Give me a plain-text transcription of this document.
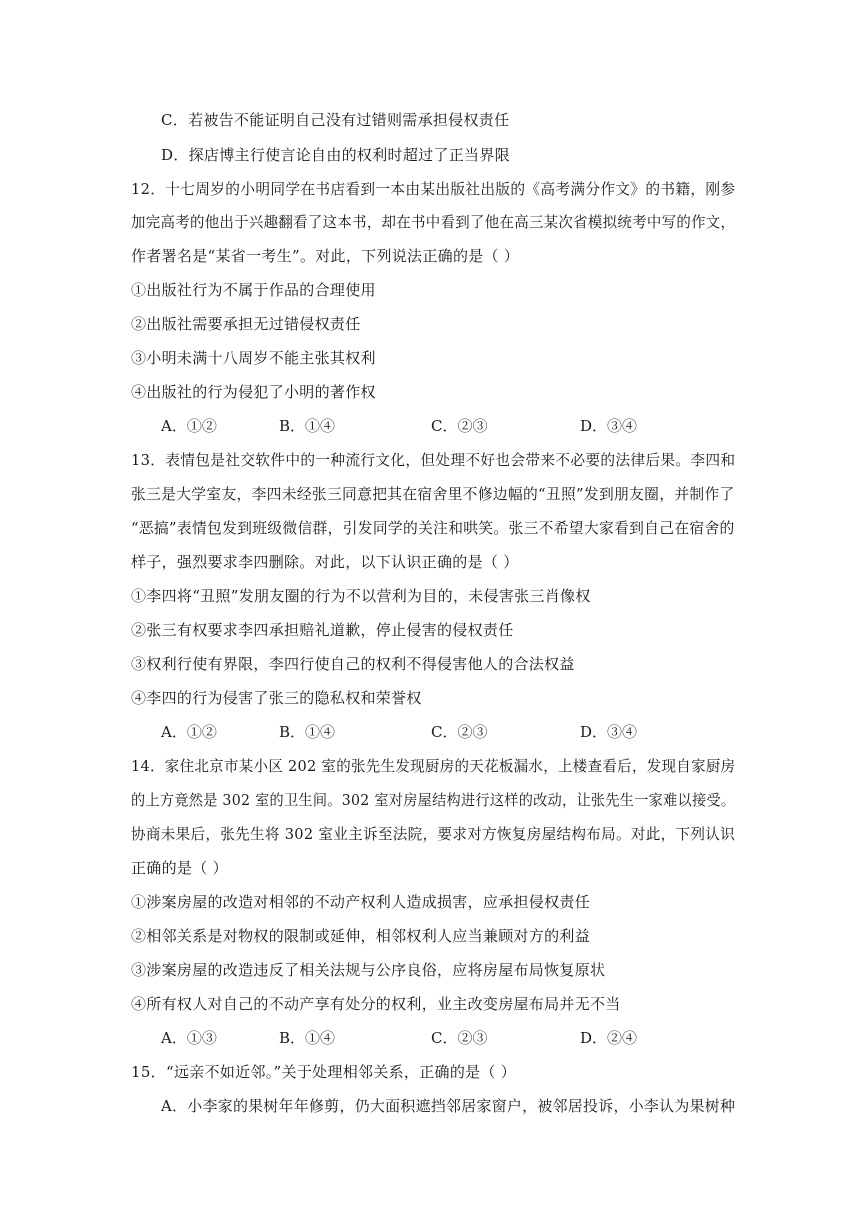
C．若被告不能证明自己没有过错则需承担侵权责任
D．探店博主行使言论自由的权利时超过了正当界限
12．十七周岁的小明同学在书店看到一本由某出版社出版的《高考满分作文》的书籍，刚参
加完高考的他出于兴趣翻看了这本书，却在书中看到了他在高三某次省模拟统考中写的作文，
作者署名是“某省一考生”。对此，下列说法正确的是（ ）
①出版社行为不属于作品的合理使用
②出版社需要承担无过错侵权责任
③小明未满十八周岁不能主张其权利
④出版社的行为侵犯了小明的著作权
A．①②	B．①④	C．②③	D．③④
13．表情包是社交软件中的一种流行文化，但处理不好也会带来不必要的法律后果。李四和
张三是大学室友，李四未经张三同意把其在宿舍里不修边幅的“丑照”发到朋友圈，并制作了
“恶搞”表情包发到班级微信群，引发同学的关注和哄笑。张三不希望大家看到自己在宿舍的
样子，强烈要求李四删除。对此，以下认识正确的是（ ）
①李四将“丑照”发朋友圈的行为不以营利为目的，未侵害张三肖像权
②张三有权要求李四承担赔礼道歉，停止侵害的侵权责任
③权利行使有界限，李四行使自己的权利不得侵害他人的合法权益
④李四的行为侵害了张三的隐私权和荣誉权
A．①②	B．①④	C．②③	D．③④
14．家住北京市某小区 202 室的张先生发现厨房的天花板漏水，上楼查看后，发现自家厨房
的上方竟然是 302 室的卫生间。302 室对房屋结构进行这样的改动，让张先生一家难以接受。
协商未果后，张先生将 302 室业主诉至法院，要求对方恢复房屋结构布局。对此，下列认识
正确的是（ ）
①涉案房屋的改造对相邻的不动产权利人造成损害，应承担侵权责任
②相邻关系是对物权的限制或延伸，相邻权利人应当兼顾对方的利益
③涉案房屋的改造违反了相关法规与公序良俗，应将房屋布局恢复原状
④所有权人对自己的不动产享有处分的权利，业主改变房屋布局并无不当
A．①③	B．①④	C．②③	D．②④
15．“远亲不如近邻。”关于处理相邻关系，正确的是（ ）
A．小李家的果树年年修剪，仍大面积遮挡邻居家窗户，被邻居投诉，小李认为果树种
